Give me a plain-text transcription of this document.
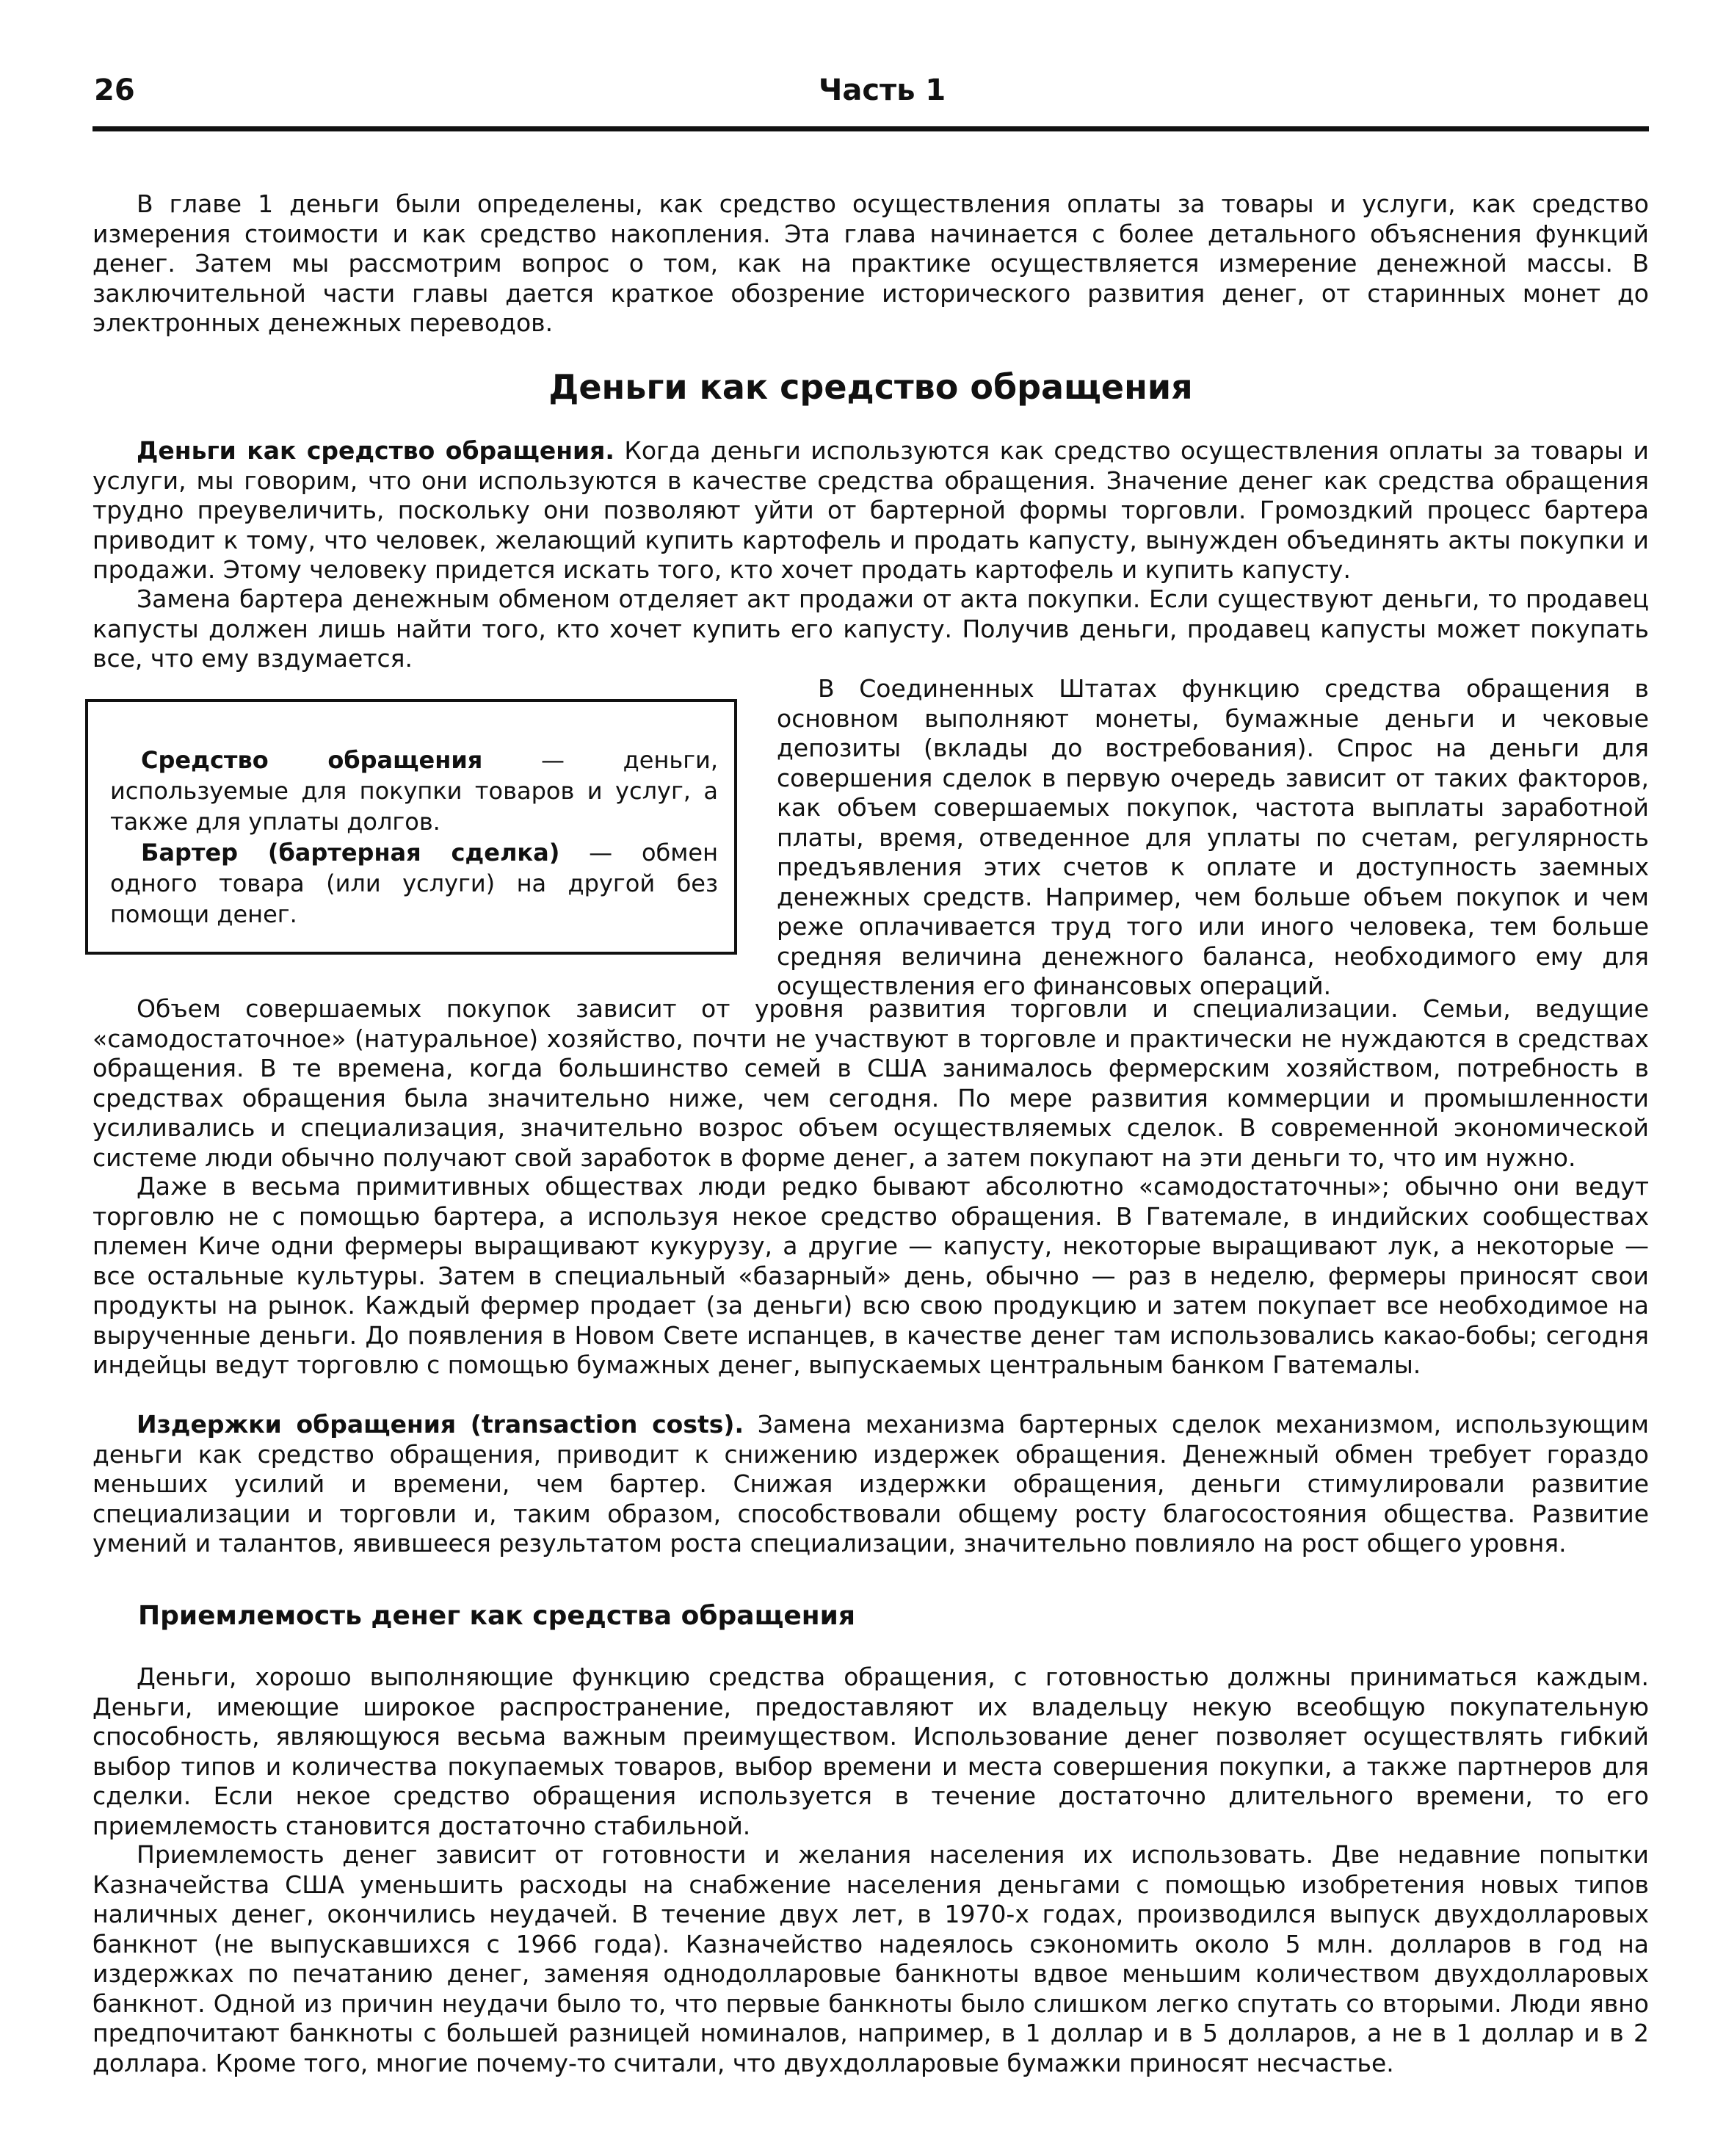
26	Часть 1

В главе 1 деньги были определены, как средство осуществления оплаты за товары и услуги, как средство измерения стоимости и как средство накопления. Эта глава начинается с более детального объяснения функций денег. Затем мы рассмотрим вопрос о том, как на практике осуществляется измерение денежной массы. В заключительной части главы дается краткое обозрение исторического развития денег, от старинных монет до электронных денежных переводов.

Деньги как средство обращения

Деньги как средство обращения. Когда деньги используются как средство осуществления оплаты за товары и услуги, мы говорим, что они используются в качестве средства обращения. Значение денег как средства обращения трудно преувеличить, поскольку они позволяют уйти от бартерной формы торговли. Громоздкий процесс бартера приводит к тому, что человек, желающий купить картофель и продать капусту, вынужден объединять акты покупки и продажи. Этому человеку придется искать того, кто хочет продать картофель и купить капусту.

Замена бартера денежным обменом отделяет акт продажи от акта покупки. Если существуют деньги, то продавец капусты должен лишь найти того, кто хочет купить его капусту. Получив деньги, продавец капусты может покупать все, что ему вздумается.

Средство обращения — деньги, используемые для покупки товаров и услуг, а также для уплаты долгов.

Бартер (бартерная сделка) — обмен одного товара (или услуги) на другой без помощи денег.

В Соединенных Штатах функцию средства обращения в основном выполняют монеты, бумажные деньги и чековые депозиты (вклады до востребования). Спрос на деньги для совершения сделок в первую очередь зависит от таких факторов, как объем совершаемых покупок, частота выплаты заработной платы, время, отведенное для уплаты по счетам, регулярность предъявления этих счетов к оплате и доступность заемных денежных средств. Например, чем больше объем покупок и чем реже оплачивается труд того или иного человека, тем больше средняя величина денежного баланса, необходимого ему для осуществления его финансовых операций.

Объем совершаемых покупок зависит от уровня развития торговли и специализации. Семьи, ведущие «самодостаточное» (натуральное) хозяйство, почти не участвуют в торговле и практически не нуждаются в средствах обращения. В те времена, когда большинство семей в США занималось фермерским хозяйством, потребность в средствах обращения была значительно ниже, чем сегодня. По мере развития коммерции и промышленности усиливались и специализация, значительно возрос объем осуществляемых сделок. В современной экономической системе люди обычно получают свой заработок в форме денег, а затем покупают на эти деньги то, что им нужно.

Даже в весьма примитивных обществах люди редко бывают абсолютно «самодостаточны»; обычно они ведут торговлю не с помощью бартера, а используя некое средство обращения. В Гватемале, в индийских сообществах племен Киче одни фермеры выращивают кукурузу, а другие — капусту, некоторые выращивают лук, а некоторые — все остальные культуры. Затем в специальный «базарный» день, обычно — раз в неделю, фермеры приносят свои продукты на рынок. Каждый фермер продает (за деньги) всю свою продукцию и затем покупает все необходимое на вырученные деньги. До появления в Новом Свете испанцев, в качестве денег там использовались какао-бобы; сегодня индейцы ведут торговлю с помощью бумажных денег, выпускаемых центральным банком Гватемалы.

Издержки обращения (transaction costs). Замена механизма бартерных сделок механизмом, использующим деньги как средство обращения, приводит к снижению издержек обращения. Денежный обмен требует гораздо меньших усилий и времени, чем бартер. Снижая издержки обращения, деньги стимулировали развитие специализации и торговли и, таким образом, способствовали общему росту благосостояния общества. Развитие умений и талантов, явившееся результатом роста специализации, значительно повлияло на рост общего уровня.

Приемлемость денег как средства обращения

Деньги, хорошо выполняющие функцию средства обращения, с готовностью должны приниматься каждым. Деньги, имеющие широкое распространение, предоставляют их владельцу некую всеобщую покупательную способность, являющуюся весьма важным преимуществом. Использование денег позволяет осуществлять гибкий выбор типов и количества покупаемых товаров, выбор времени и места совершения покупки, а также партнеров для сделки. Если некое средство обращения используется в течение достаточно длительного времени, то его приемлемость становится достаточно стабильной.

Приемлемость денег зависит от готовности и желания населения их использовать. Две недавние попытки Казначейства США уменьшить расходы на снабжение населения деньгами с помощью изобретения новых типов наличных денег, окончились неудачей. В течение двух лет, в 1970-х годах, производился выпуск двухдолларовых банкнот (не выпускавшихся с 1966 года). Казначейство надеялось сэкономить около 5 млн. долларов в год на издержках по печатанию денег, заменяя однодолларовые банкноты вдвое меньшим количеством двухдолларовых банкнот. Одной из причин неудачи было то, что первые банкноты было слишком легко спутать со вторыми. Люди явно предпочитают банкноты с большей разницей номиналов, например, в 1 доллар и в 5 долларов, а не в 1 доллар и в 2 доллара. Кроме того, многие почему-то считали, что двухдолларовые бумажки приносят несчастье.
